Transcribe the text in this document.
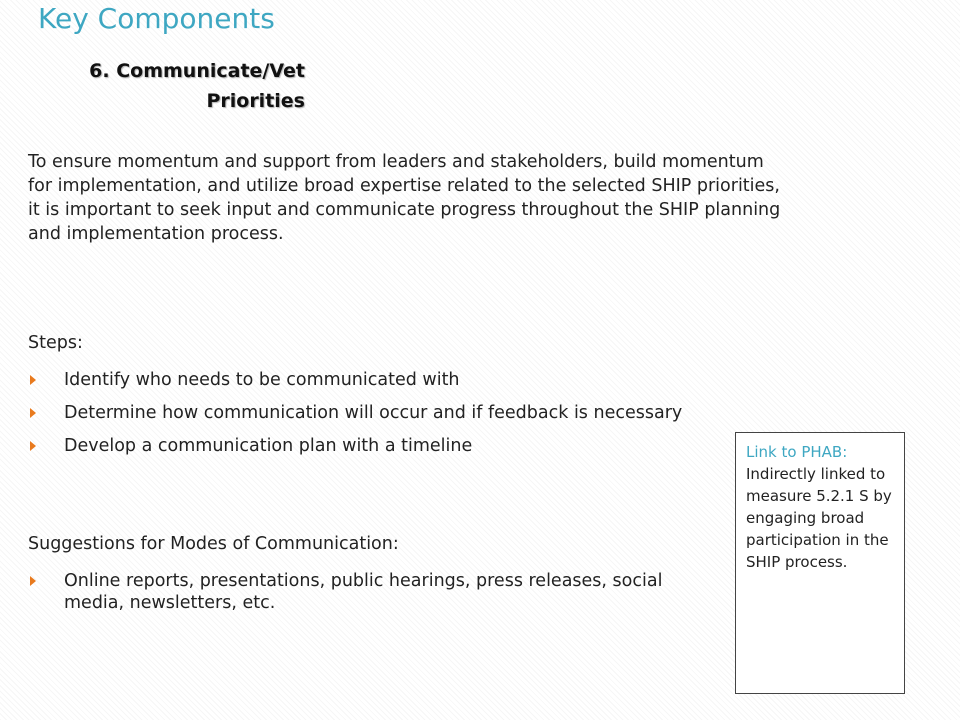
Key Components
6. Communicate/Vet
Priorities

To ensure momentum and support from leaders and stakeholders, build momentum for implementation, and utilize broad expertise related to the selected SHIP priorities, it is important to seek input and communicate progress throughout the SHIP planning and implementation process.

Steps:
Identify who needs to be communicated with
Determine how communication will occur and if feedback is necessary
Develop a communication plan with a timeline
Suggestions for Modes of Communication:
Online reports, presentations, public hearings, press releases, social media, newsletters, etc.
Link to PHAB: Indirectly linked to measure 5.2.1 S by engaging broad participation in the SHIP process.
